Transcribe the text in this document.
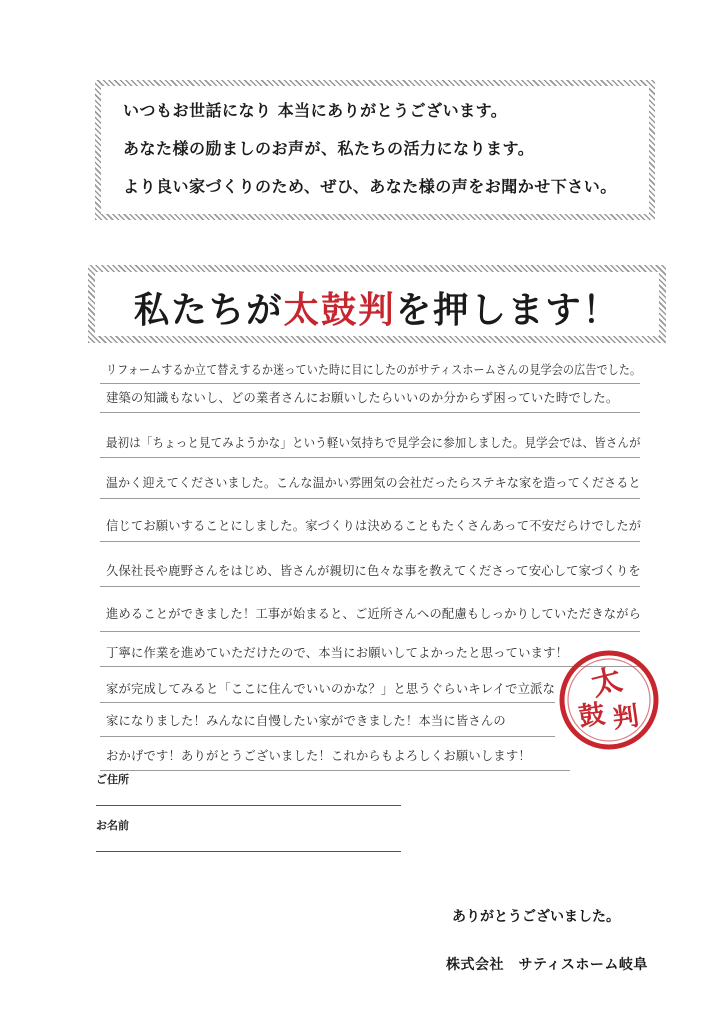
いつもお世話になり 本当にありがとうございます。
あなた様の励ましのお声が、私たちの活力になります。
より良い家づくりのため、ぜひ、あなた様の声をお聞かせ下さい。
私たちが太鼓判を押します！
リフォームするか立て替えするか迷っていた時に目にしたのがサティスホームさんの見学会の広告でした。
建築の知識もないし、どの業者さんにお願いしたらいいのか分からず困っていた時でした。
最初は「ちょっと見てみようかな」という軽い気持ちで見学会に参加しました。見学会では、皆さんが
温かく迎えてくださいました。こんな温かい雰囲気の会社だったらステキな家を造ってくださると
信じてお願いすることにしました。家づくりは決めることもたくさんあって不安だらけでしたが
久保社長や鹿野さんをはじめ、皆さんが親切に色々な事を教えてくださって安心して家づくりを
進めることができました！工事が始まると、ご近所さんへの配慮もしっかりしていただきながら
丁寧に作業を進めていただけたので、本当にお願いしてよかったと思っています！
家が完成してみると「ここに住んでいいのかな？」と思うぐらいキレイで立派な
家になりました！みんなに自慢したい家ができました！本当に皆さんの
おかげです！ありがとうございました！これからもよろしくお願いします！
太
鼓 判
ご住所
お名前
ありがとうございました。
株式会社　サティスホーム岐阜
